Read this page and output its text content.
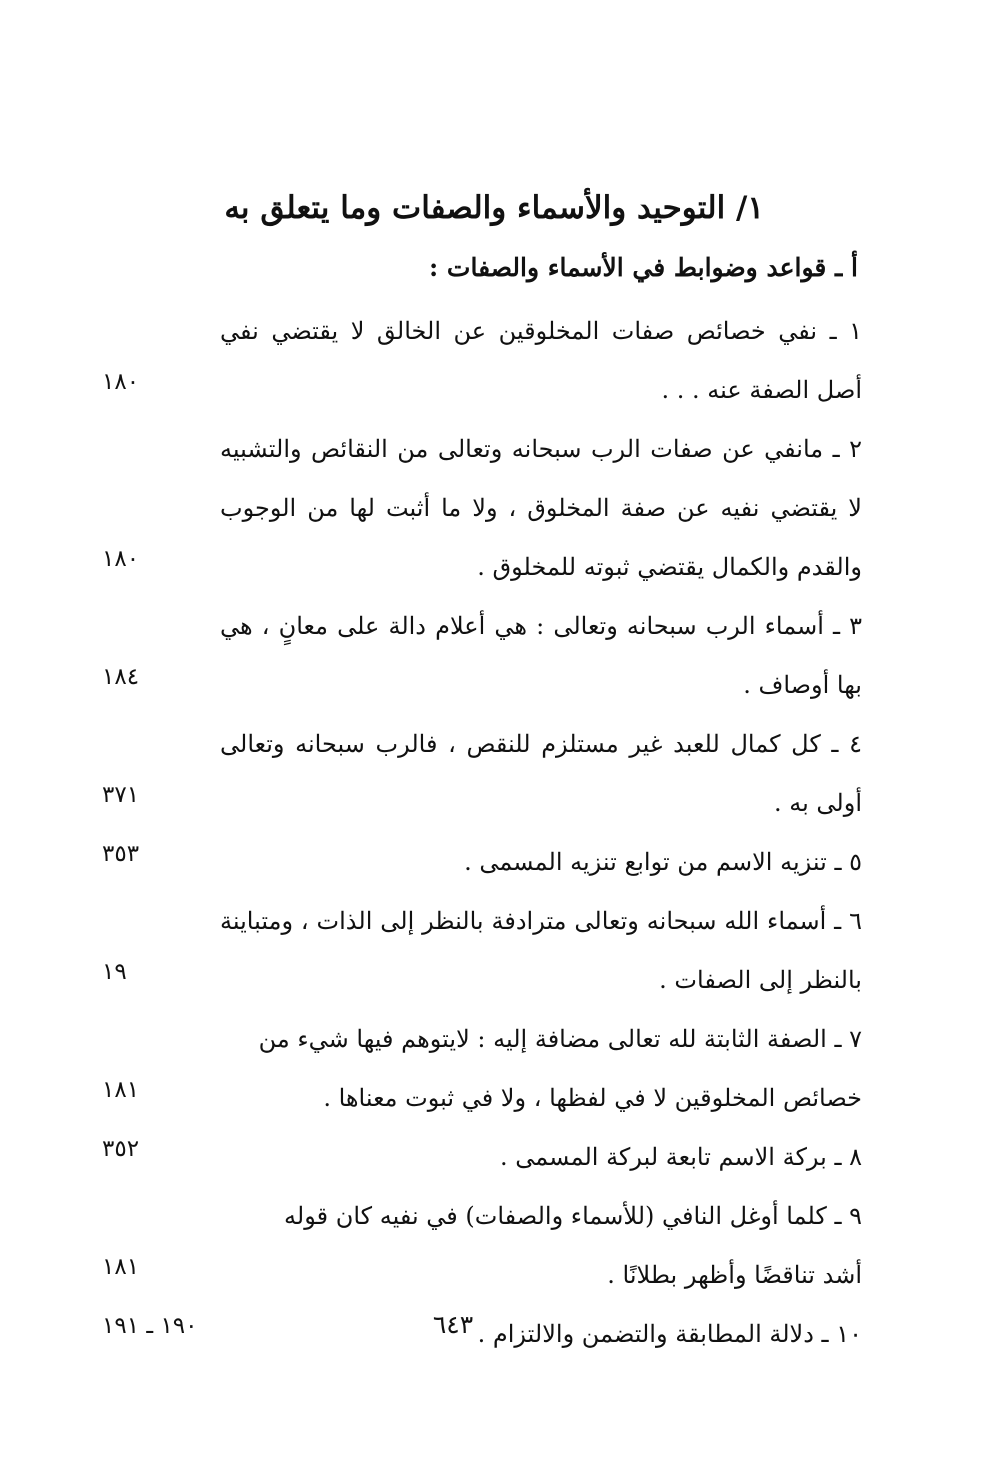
١/ التوحيد والأسماء والصفات وما يتعلق به
أ ـ قواعد وضوابط في الأسماء والصفات :
١ ـ نفي خصائص صفات المخلوقين عن الخالق لا يقتضي نفي
أصل الصفة عنه . . .
١٨٠
٢ ـ مانفي عن صفات الرب سبحانه وتعالى من النقائص والتشبيه
لا يقتضي نفيه عن صفة المخلوق ، ولا ما أثبت لها من الوجوب
والقدم والكمال يقتضي ثبوته للمخلوق .
١٨٠
٣ ـ أسماء الرب سبحانه وتعالى : هي أعلام دالة على معانٍ ، هي
بها أوصاف .
١٨٤
٤ ـ كل كمال للعبد غير مستلزم للنقص ، فالرب سبحانه وتعالى
أولى به .
٣٧١
٥ ـ تنزيه الاسم من توابع تنزيه المسمى .
٣٥٣
٦ ـ أسماء الله سبحانه وتعالى مترادفة بالنظر إلى الذات ، ومتباينة
بالنظر إلى الصفات .
١٩
٧ ـ الصفة الثابتة لله تعالى مضافة إليه : لايتوهم فيها شيء من
خصائص المخلوقين لا في لفظها ، ولا في ثبوت معناها .
١٨١
٨ ـ بركة الاسم تابعة لبركة المسمى .
٣٥٢
٩ ـ كلما أوغل النافي (للأسماء والصفات) في نفيه كان قوله
أشد تناقضًا وأظهر بطلانًا .
١٨١
١٠ ـ دلالة المطابقة والتضمن والالتزام .
١٩٠ ـ ١٩١	٦٤٣
